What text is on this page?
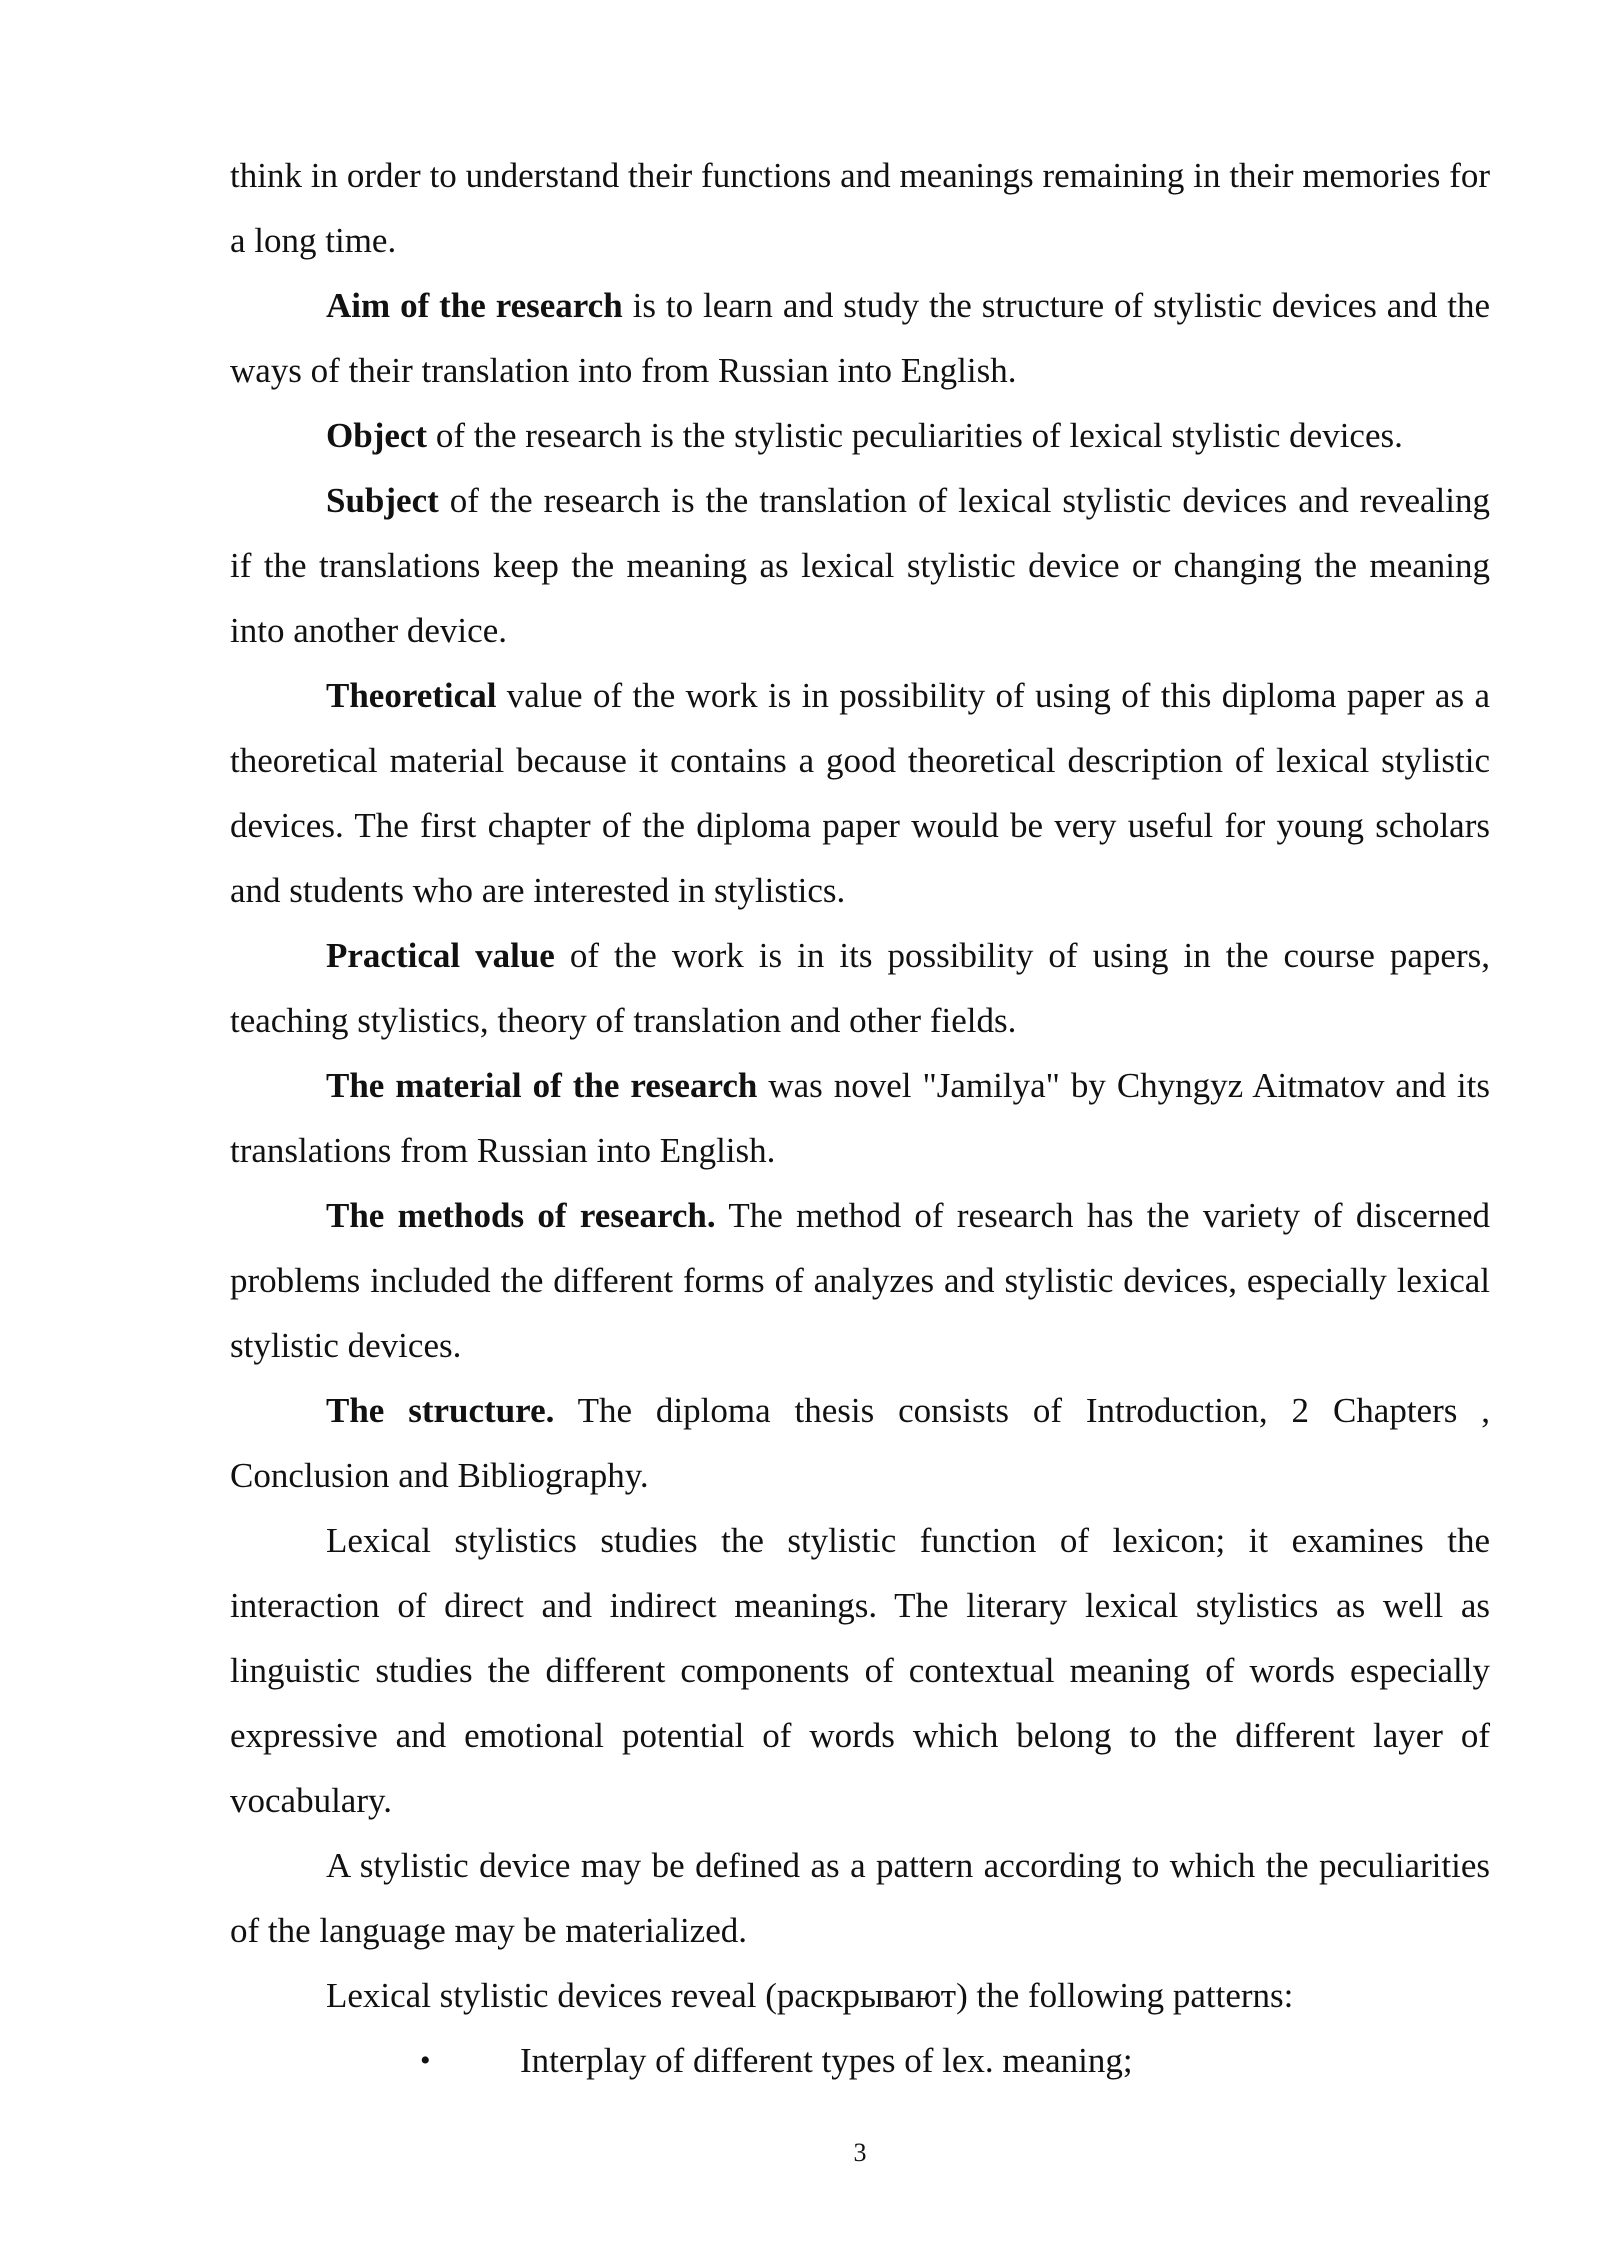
think in order to understand their functions and meanings remaining in their memories for a long time.

Aim of the research is to learn and study the structure of stylistic devices and the ways of their translation into from Russian into English.

Object of the research is the stylistic peculiarities of lexical stylistic devices.

Subject of the research is the translation of lexical stylistic devices and revealing if the translations keep the meaning as lexical stylistic device or changing the meaning into another device.

Theoretical value of the work is in possibility of using of this diploma paper as a theoretical material because it contains a good theoretical description of lexical stylistic devices. The first chapter of the diploma paper would be very useful for young scholars and students who are interested in stylistics.

Practical value of the work is in its possibility of using in the course papers, teaching stylistics, theory of translation and other fields.

The material of the research was novel "Jamilya" by Chyngyz Aitmatov and its translations from Russian into English.

The methods of research. The method of research has the variety of discerned problems included the different forms of analyzes and stylistic devices, especially lexical stylistic devices.

The structure. The diploma thesis consists of Introduction, 2 Chapters , Conclusion and Bibliography.

Lexical stylistics studies the stylistic function of lexicon; it examines the interaction of direct and indirect meanings. The literary lexical stylistics as well as linguistic studies the different components of contextual meaning of words especially expressive and emotional potential of words which belong to the different layer of vocabulary.

A stylistic device may be defined as a pattern according to which the peculiarities of the language may be materialized.

Lexical stylistic devices reveal (раскрывают) the following patterns:

•	Interplay of different types of lex. meaning;
3
